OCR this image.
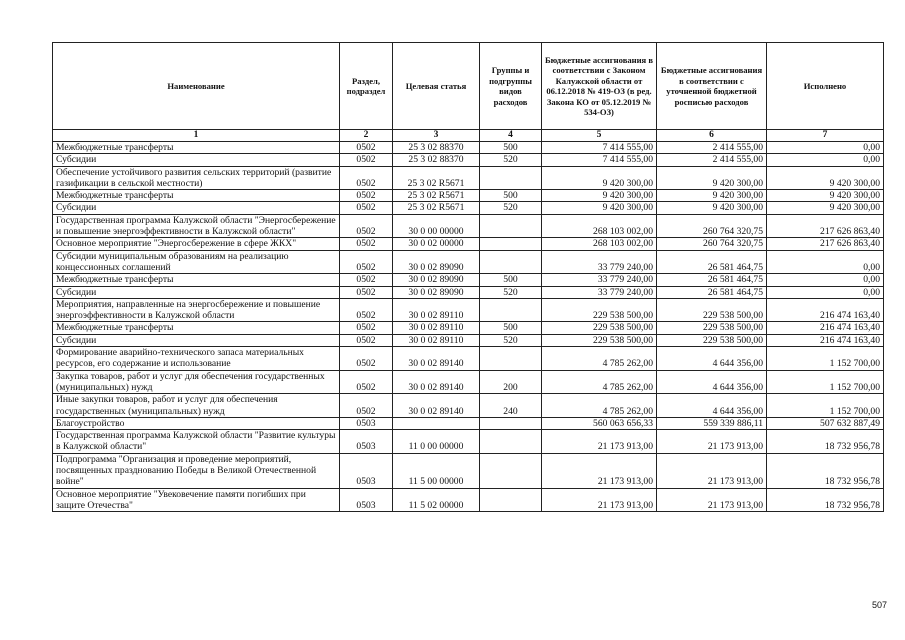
Наименование	Раздел, подраздел	Целевая статья	Группы и подгруппы видов расходов	Бюджетные ассигнования в соответствии с Законом Калужской области от 06.12.2018 № 419-ОЗ (в ред. Закона КО от 05.12.2019 № 534-ОЗ)	Бюджетные ассигнования в соответствии с уточненной бюджетной росписью расходов	Исполнено
1	2	3	4	5	6	7
Межбюджетные трансферты	0502	25 3 02 88370	500	7 414 555,00	2 414 555,00	0,00
Субсидии	0502	25 3 02 88370	520	7 414 555,00	2 414 555,00	0,00
Обеспечение устойчивого развития сельских территорий (развитие газификации в сельской местности)	0502	25 3 02 R5671		9 420 300,00	9 420 300,00	9 420 300,00
Межбюджетные трансферты	0502	25 3 02 R5671	500	9 420 300,00	9 420 300,00	9 420 300,00
Субсидии	0502	25 3 02 R5671	520	9 420 300,00	9 420 300,00	9 420 300,00
Государственная программа Калужской области "Энергосбережение и повышение энергоэффективности в Калужской области"	0502	30 0 00 00000		268 103 002,00	260 764 320,75	217 626 863,40
Основное мероприятие "Энергосбережение в сфере ЖКХ"	0502	30 0 02 00000		268 103 002,00	260 764 320,75	217 626 863,40
Субсидии муниципальным образованиям на реализацию концессионных соглашений	0502	30 0 02 89090		33 779 240,00	26 581 464,75	0,00
Межбюджетные трансферты	0502	30 0 02 89090	500	33 779 240,00	26 581 464,75	0,00
Субсидии	0502	30 0 02 89090	520	33 779 240,00	26 581 464,75	0,00
Мероприятия, направленные на энергосбережение и повышение энергоэффективности в Калужской области	0502	30 0 02 89110		229 538 500,00	229 538 500,00	216 474 163,40
Межбюджетные трансферты	0502	30 0 02 89110	500	229 538 500,00	229 538 500,00	216 474 163,40
Субсидии	0502	30 0 02 89110	520	229 538 500,00	229 538 500,00	216 474 163,40
Формирование аварийно-технического запаса материальных ресурсов, его содержание и использование	0502	30 0 02 89140		4 785 262,00	4 644 356,00	1 152 700,00
Закупка товаров, работ и услуг для обеспечения государственных (муниципальных) нужд	0502	30 0 02 89140	200	4 785 262,00	4 644 356,00	1 152 700,00
Иные закупки товаров, работ и услуг для обеспечения государственных (муниципальных) нужд	0502	30 0 02 89140	240	4 785 262,00	4 644 356,00	1 152 700,00
Благоустройство	0503			560 063 656,33	559 339 886,11	507 632 887,49
Государственная программа Калужской области "Развитие культуры в Калужской области"	0503	11 0 00 00000		21 173 913,00	21 173 913,00	18 732 956,78
Подпрограмма "Организация и проведение мероприятий, посвященных празднованию Победы в Великой Отечественной войне"	0503	11 5 00 00000		21 173 913,00	21 173 913,00	18 732 956,78
Основное мероприятие "Увековечение памяти погибших при защите Отечества"	0503	11 5 02 00000		21 173 913,00	21 173 913,00	18 732 956,78
507
